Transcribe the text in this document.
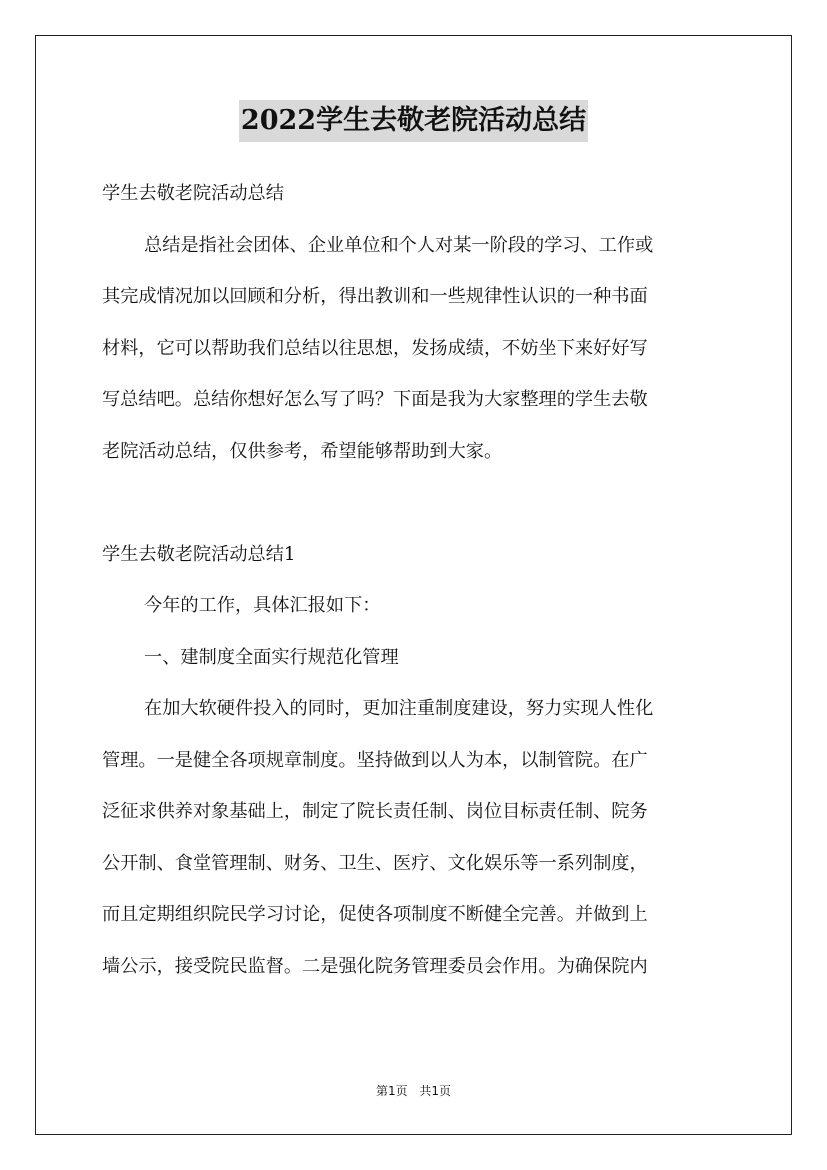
2022学生去敬老院活动总结
学生去敬老院活动总结
总结是指社会团体、企业单位和个人对某一阶段的学习、工作或
其完成情况加以回顾和分析，得出教训和一些规律性认识的一种书面
材料，它可以帮助我们总结以往思想，发扬成绩，不妨坐下来好好写
写总结吧。总结你想好怎么写了吗？下面是我为大家整理的学生去敬
老院活动总结，仅供参考，希望能够帮助到大家。
学生去敬老院活动总结1
今年的工作，具体汇报如下：
一、建制度全面实行规范化管理
在加大软硬件投入的同时，更加注重制度建设，努力实现人性化
管理。一是健全各项规章制度。坚持做到以人为本，以制管院。在广
泛征求供养对象基础上，制定了院长责任制、岗位目标责任制、院务
公开制、食堂管理制、财务、卫生、医疗、文化娱乐等一系列制度，
而且定期组织院民学习讨论，促使各项制度不断健全完善。并做到上
墙公示，接受院民监督。二是强化院务管理委员会作用。为确保院内
第1页 共1页
